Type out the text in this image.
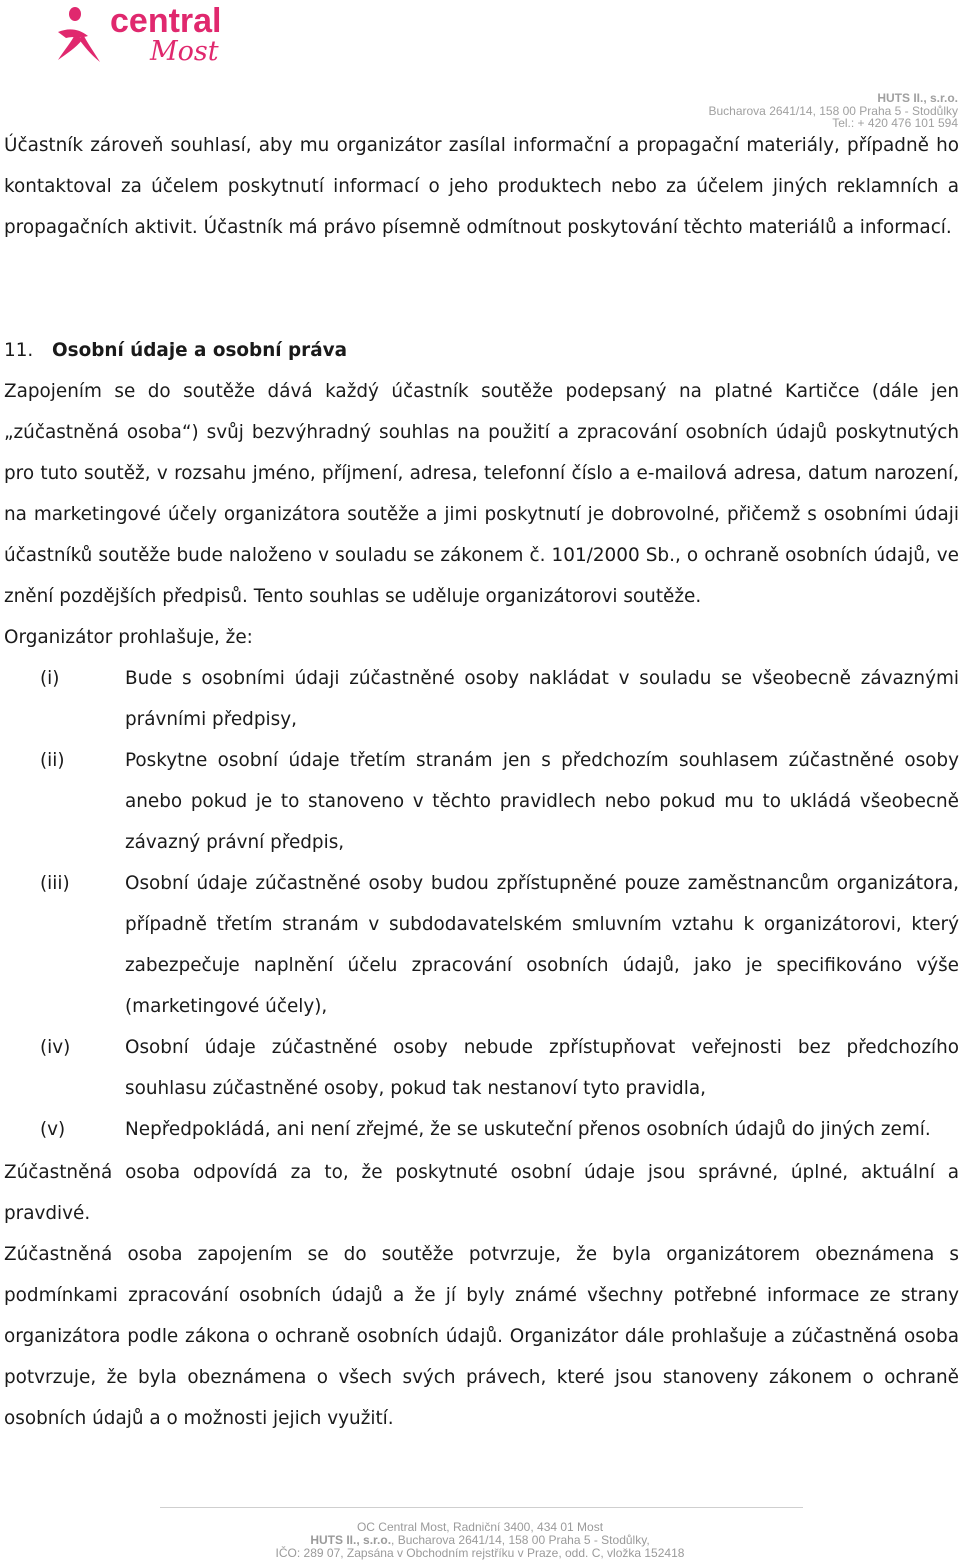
central
Most
HUTS II., s.r.o.
Bucharova 2641/14, 158 00 Praha 5 - Stodůlky
Tel.: + 420 476 101 594
Účastník zároveň souhlasí, aby mu organizátor zasílal informační a propagační materiály, případně ho kontaktoval za účelem poskytnutí informací o jeho produktech nebo za účelem jiných reklamních a propagačních aktivit. Účastník má právo písemně odmítnout poskytování těchto materiálů a informací.
11. Osobní údaje a osobní práva
Zapojením se do soutěže dává každý účastník soutěže podepsaný na platné Kartičce (dále jen „zúčastněná osoba“) svůj bezvýhradný souhlas na použití a zpracování osobních údajů poskytnutých pro tuto soutěž, v rozsahu jméno, příjmení, adresa, telefonní číslo a e-mailová adresa, datum narození, na marketingové účely organizátora soutěže a jimi poskytnutí je dobrovolné, přičemž s osobními údaji účastníků soutěže bude naloženo v souladu se zákonem č. 101/2000 Sb., o ochraně osobních údajů, ve znění pozdějších předpisů. Tento souhlas se uděluje organizátorovi soutěže.
Organizátor prohlašuje, že:
(i)	Bude s osobními údaji zúčastněné osoby nakládat v souladu se všeobecně závaznými právními předpisy,
(ii)	Poskytne osobní údaje třetím stranám jen s předchozím souhlasem zúčastněné osoby anebo pokud je to stanoveno v těchto pravidlech nebo pokud mu to ukládá všeobecně závazný právní předpis,
(iii)	Osobní údaje zúčastněné osoby budou zpřístupněné pouze zaměstnancům organizátora, případně třetím stranám v subdodavatelském smluvním vztahu k organizátorovi, který zabezpečuje naplnění účelu zpracování osobních údajů, jako je specifikováno výše (marketingové účely),
(iv)	Osobní údaje zúčastněné osoby nebude zpřístupňovat veřejnosti bez předchozího souhlasu zúčastněné osoby, pokud tak nestanoví tyto pravidla,
(v)	Nepředpokládá, ani není zřejmé, že se uskuteční přenos osobních údajů do jiných zemí.
Zúčastněná osoba odpovídá za to, že poskytnuté osobní údaje jsou správné, úplné, aktuální a pravdivé.
Zúčastněná osoba zapojením se do soutěže potvrzuje, že byla organizátorem obeznámena s podmínkami zpracování osobních údajů a že jí byly známé všechny potřebné informace ze strany organizátora podle zákona o ochraně osobních údajů. Organizátor dále prohlašuje a zúčastněná osoba potvrzuje, že byla obeznámena o všech svých právech, které jsou stanoveny zákonem o ochraně osobních údajů a o možnosti jejich využití.
OC Central Most, Radniční 3400, 434 01 Most
HUTS II., s.r.o., Bucharova 2641/14, 158 00 Praha 5 - Stodůlky,
IČO: 289 07, Zapsána v Obchodním rejstříku v Praze, odd. C, vložka 152418
